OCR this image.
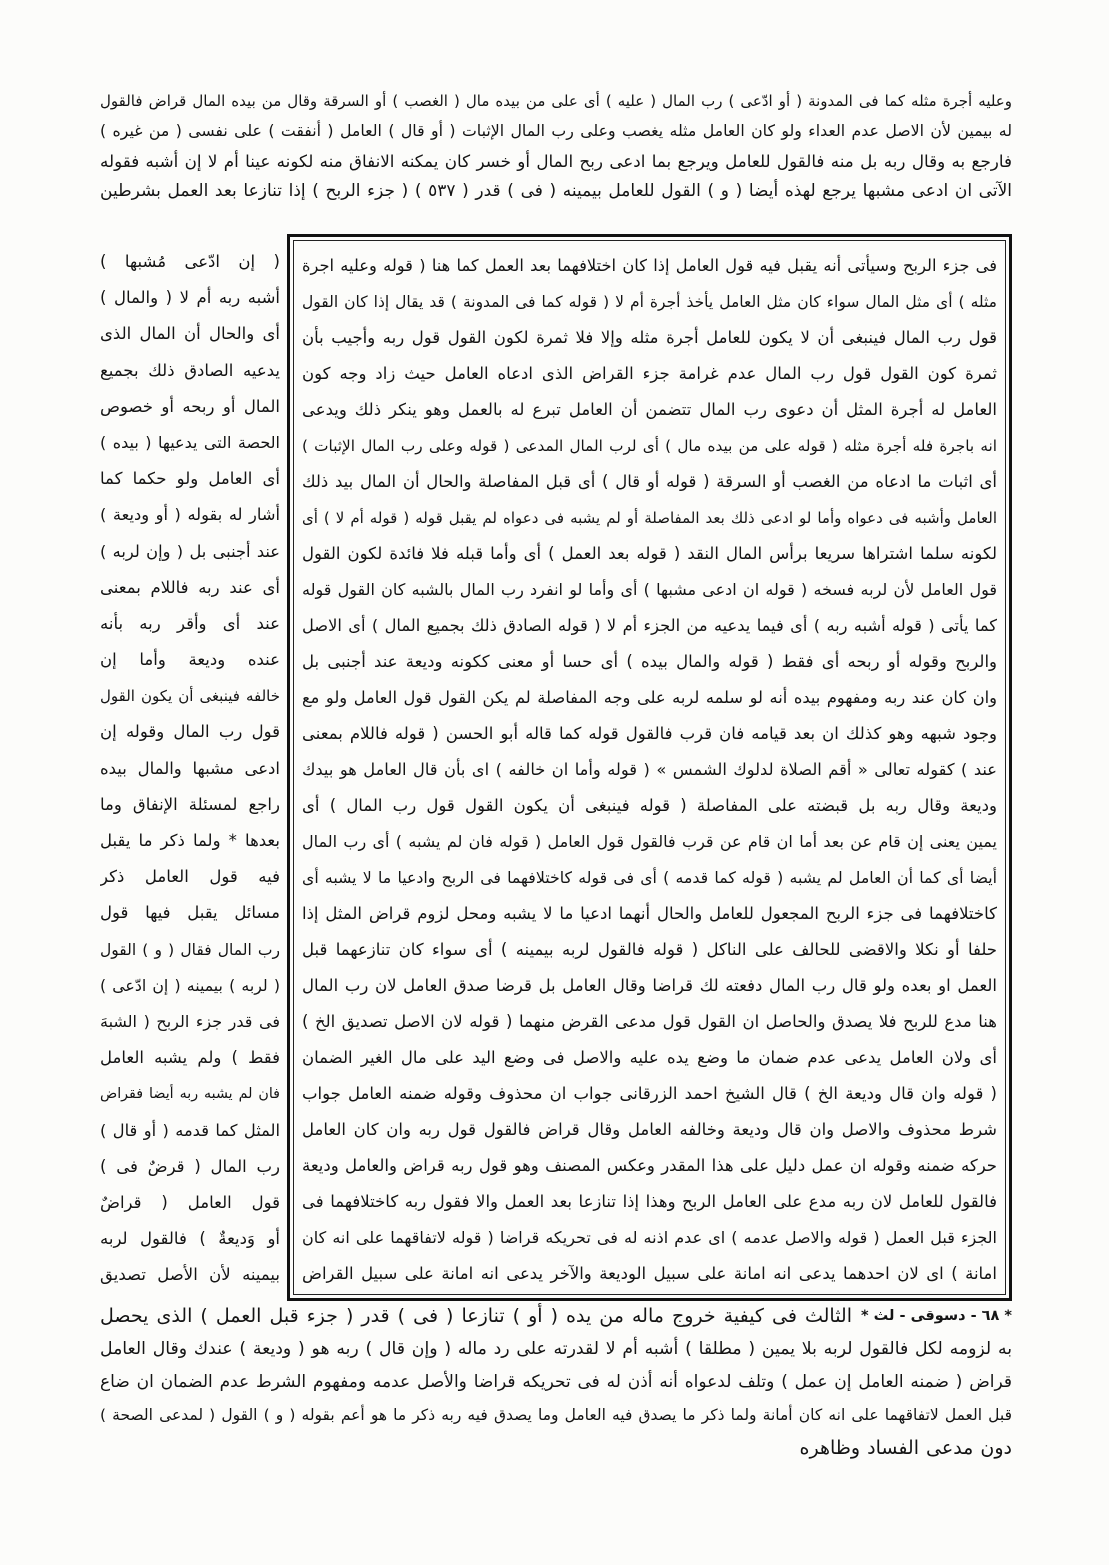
وعليه أجرة مثله كما فى المدونة ( أو ادّعى ) رب المال ( عليه ) أى على من بيده مال ( الغصب ) أو السرقة وقال من بيده المال قراض فالقول
له بيمين لأن الاصل عدم العداء ولو كان العامل مثله يغصب وعلى رب المال الإثبات ( أو قال ) العامل ( أنفقت ) على نفسى ( من غيره )
فارجع به وقال ربه بل منه فالقول للعامل ويرجع بما ادعى ربح المال أو خسر كان يمكنه الانفاق منه لكونه عينا أم لا إن أشبه فقوله
الآتى ان ادعى مشبها يرجع لهذه أيضا ( و ) القول للعامل بيمينه ( فى ) قدر ( ٥٣٧ ) ( جزء الربح ) إذا تنازعا بعد العمل بشرطين
فى جزء الربح وسيأتى أنه يقبل فيه قول العامل إذا كان اختلافهما بعد العمل كما هنا ( قوله وعليه اجرة
مثله ) أى مثل المال سواء كان مثل العامل يأخذ أجرة أم لا ( قوله كما فى المدونة ) قد يقال إذا كان القول
قول رب المال فينبغى أن لا يكون للعامل أجرة مثله وإلا فلا ثمرة لكون القول قول ربه وأجيب بأن
ثمرة كون القول قول رب المال عدم غرامة جزء القراض الذى ادعاه العامل حيث زاد وجه كون
العامل له أجرة المثل أن دعوى رب المال تتضمن أن العامل تبرع له بالعمل وهو ينكر ذلك ويدعى
انه باجرة فله أجرة مثله ( قوله على من بيده مال ) أى لرب المال المدعى ( قوله وعلى رب المال الإثبات )
أى اثبات ما ادعاه من الغصب أو السرقة ( قوله أو قال ) أى قبل المفاصلة والحال أن المال بيد ذلك
العامل وأشبه فى دعواه وأما لو ادعى ذلك بعد المفاصلة أو لم يشبه فى دعواه لم يقبل قوله ( قوله أم لا ) أى
لكونه سلما اشتراها سريعا برأس المال النقد ( قوله بعد العمل ) أى وأما قبله فلا فائدة لكون القول
قول العامل لأن لربه فسخه ( قوله ان ادعى مشبها ) أى وأما لو انفرد رب المال بالشبه كان القول قوله
كما يأتى ( قوله أشبه ربه ) أى فيما يدعيه من الجزء أم لا ( قوله الصادق ذلك بجميع المال ) أى الاصل
والربح وقوله أو ربحه أى فقط ( قوله والمال بيده ) أى حسا أو معنى ككونه وديعة عند أجنبى بل
وان كان عند ربه ومفهوم بيده أنه لو سلمه لربه على وجه المفاصلة لم يكن القول قول العامل ولو مع
وجود شبهه وهو كذلك ان بعد قيامه فان قرب فالقول قوله كما قاله أبو الحسن ( قوله فاللام بمعنى
عند ) كقوله تعالى « أقم الصلاة لدلوك الشمس » ( قوله وأما ان خالفه ) اى بأن قال العامل هو بيدك
وديعة وقال ربه بل قبضته على المفاصلة ( قوله فينبغى أن يكون القول قول رب المال ) أى
يمين يعنى إن قام عن بعد أما ان قام عن قرب فالقول قول العامل ( قوله فان لم يشبه ) أى رب المال
أيضا أى كما أن العامل لم يشبه ( قوله كما قدمه ) أى فى قوله كاختلافهما فى الربح وادعيا ما لا يشبه أى
كاختلافهما فى جزء الربح المجعول للعامل والحال أنهما ادعيا ما لا يشبه ومحل لزوم قراض المثل إذا
حلفا أو نكلا والاقضى للحالف على الناكل ( قوله فالقول لربه بيمينه ) أى سواء كان تنازعهما قبل
العمل او بعده ولو قال رب المال دفعته لك قراضا وقال العامل بل قرضا صدق العامل لان رب المال
هنا مدع للربح فلا يصدق والحاصل ان القول قول مدعى القرض منهما ( قوله لان الاصل تصديق الخ )
أى ولان العامل يدعى عدم ضمان ما وضع يده عليه والاصل فى وضع اليد على مال الغير الضمان
( قوله وان قال وديعة الخ ) قال الشيخ احمد الزرقانى جواب ان محذوف وقوله ضمنه العامل جواب
شرط محذوف والاصل وان قال وديعة وخالفه العامل وقال قراض فالقول قول ربه وان كان العامل
حركه ضمنه وقوله ان عمل دليل على هذا المقدر وعكس المصنف وهو قول ربه قراض والعامل وديعة
فالقول للعامل لان ربه مدع على العامل الربح وهذا إذا تنازعا بعد العمل والا فقول ربه كاختلافهما فى
الجزء قبل العمل ( قوله والاصل عدمه ) اى عدم اذنه له فى تحريكه قراضا ( قوله لاتفاقهما على انه كان
امانة ) اى لان احدهما يدعى انه امانة على سبيل الوديعة والآخر يدعى انه امانة على سبيل القراض
( إن ادّعى مُشبها )
أشبه ربه أم لا ( والمال )
أى والحال أن المال الذى
يدعيه الصادق ذلك بجميع
المال أو ربحه أو خصوص
الحصة التى يدعيها ( بيده )
أى العامل ولو حكما كما
أشار له بقوله ( أو وديعة )
عند أجنبى بل ( وإن لربه )
أى عند ربه فاللام بمعنى
عند أى وأقر ربه بأنه
عنده وديعة وأما إن
خالفه فينبغى أن يكون القول
قول رب المال وقوله إن
ادعى مشبها والمال بيده
راجع لمسئلة الإنفاق وما
بعدها * ولما ذكر ما يقبل
فيه قول العامل ذكر
مسائل يقبل فيها قول
رب المال فقال ( و ) القول
( لربه ) بيمينه ( إن ادّعى )
فى قدر جزء الربح ( الشبهَ
فقط ) ولم يشبه العامل
فان لم يشبه ربه أيضا فقراض
المثل كما قدمه ( أو قال )
رب المال ( قرضٌ فى )
قول العامل ( قراضٌ
أو وَديعةٌ ) فالقول لربه
بيمينه لأن الأصل تصديق
* ٦٨ - دسوقى - لث *
الثالث فى كيفية خروج ماله من يده ( أو ) تنازعا ( فى ) قدر ( جزء قبل العمل ) الذى يحصل
به لزومه لكل فالقول لربه بلا يمين ( مطلقا ) أشبه أم لا لقدرته على رد ماله ( وإن قال ) ربه هو ( وديعة ) عندك وقال العامل
قراض ( ضمنه العامل إن عمل ) وتلف لدعواه أنه أذن له فى تحريكه قراضا والأصل عدمه ومفهوم الشرط عدم الضمان ان ضاع
قبل العمل لاتفاقهما على انه كان أمانة ولما ذكر ما يصدق فيه العامل وما يصدق فيه ربه ذكر ما هو أعم بقوله ( و ) القول ( لمدعى الصحة )
دون مدعى الفساد وظاهره
